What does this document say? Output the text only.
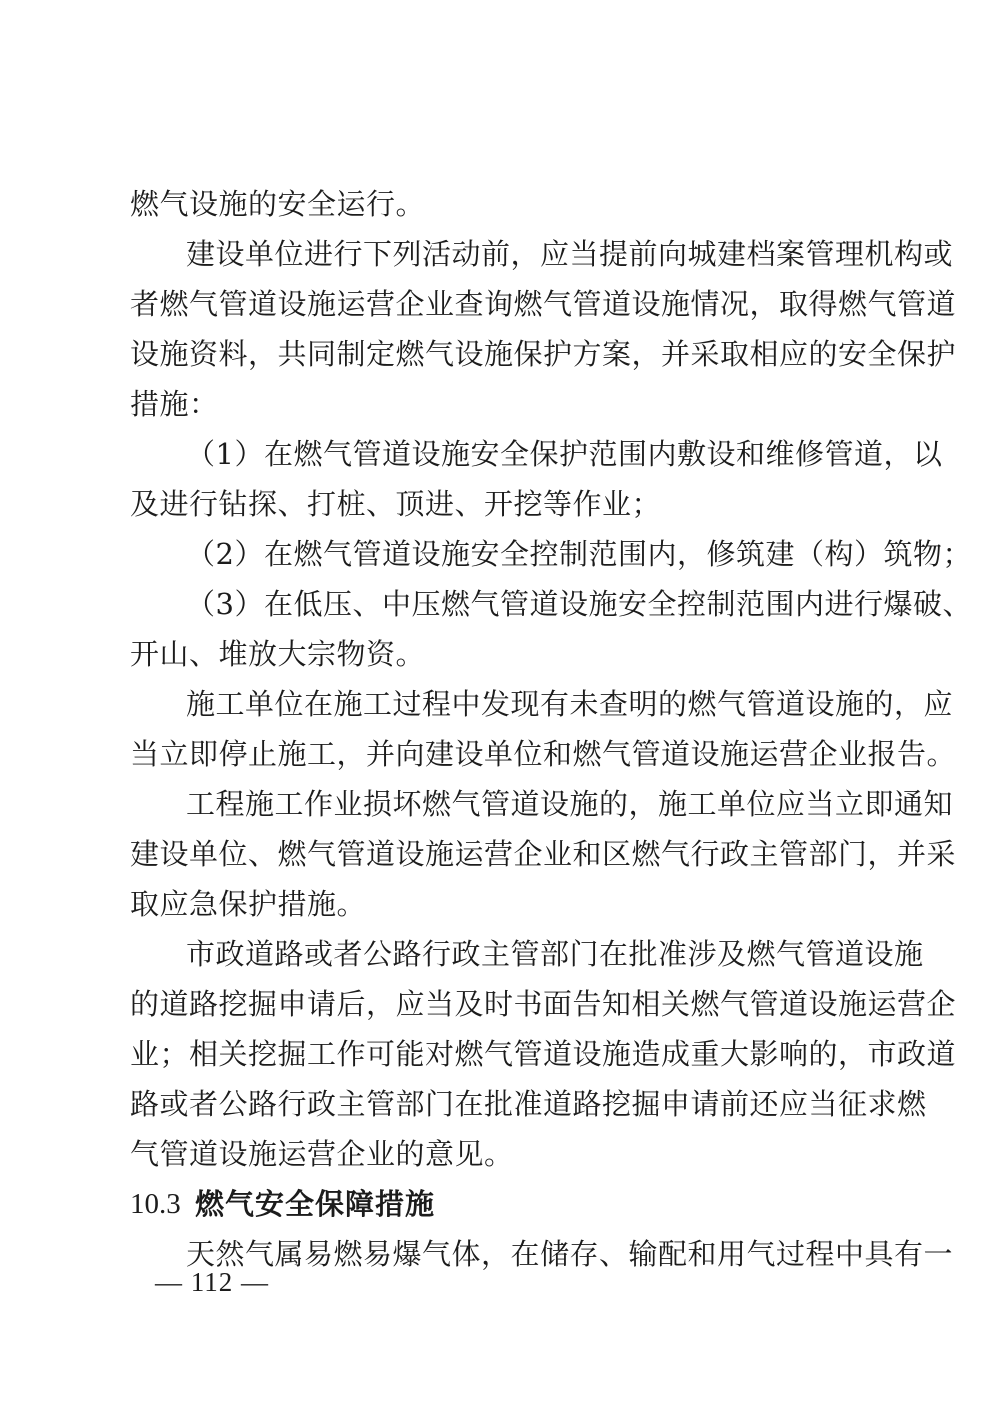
燃气设施的安全运行。
建设单位进行下列活动前，应当提前向城建档案管理机构或
者燃气管道设施运营企业查询燃气管道设施情况，取得燃气管道
设施资料，共同制定燃气设施保护方案，并采取相应的安全保护
措施：
（1）在燃气管道设施安全保护范围内敷设和维修管道，以
及进行钻探、打桩、顶进、开挖等作业；
（2）在燃气管道设施安全控制范围内，修筑建（构）筑物；
（3）在低压、中压燃气管道设施安全控制范围内进行爆破、
开山、堆放大宗物资。
施工单位在施工过程中发现有未查明的燃气管道设施的，应
当立即停止施工，并向建设单位和燃气管道设施运营企业报告。
工程施工作业损坏燃气管道设施的，施工单位应当立即通知
建设单位、燃气管道设施运营企业和区燃气行政主管部门，并采
取应急保护措施。
市政道路或者公路行政主管部门在批准涉及燃气管道设施
的道路挖掘申请后，应当及时书面告知相关燃气管道设施运营企
业；相关挖掘工作可能对燃气管道设施造成重大影响的，市政道
路或者公路行政主管部门在批准道路挖掘申请前还应当征求燃
气管道设施运营企业的意见。
天然气属易燃易爆气体，在储存、输配和用气过程中具有一
— 112 —
10.3 燃气安全保障措施
